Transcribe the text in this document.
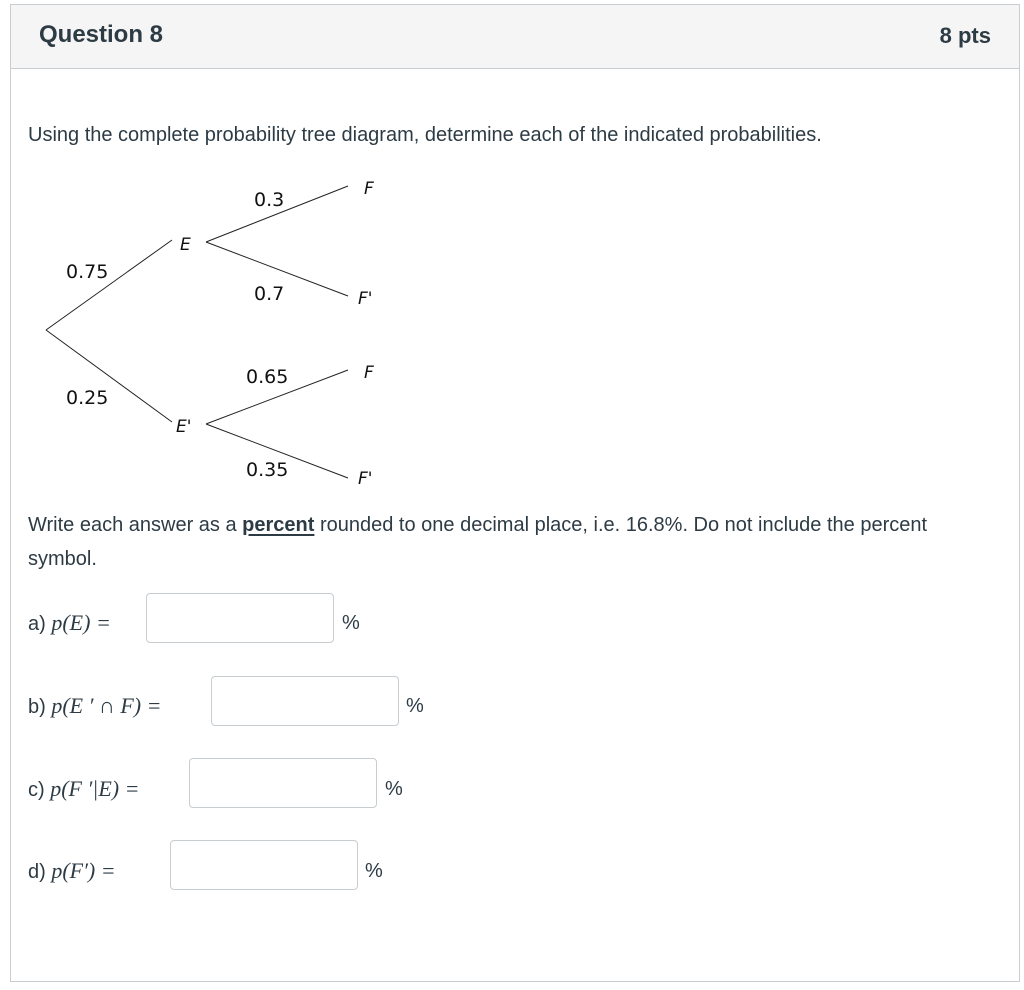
Question 8	8 pts
Using the complete probability tree diagram, determine each of the indicated probabilities.
0.75
0.25
E
E'
0.3
0.7
0.65
0.35
F
F'
F
F'
Write each answer as a percent rounded to one decimal place, i.e. 16.8%. Do not include the percent symbol.
a) p(E) =	%
b) p(E ′ ∩ F) =	%
c) p(F ′|E) =	%
d) p(F′) =	%
